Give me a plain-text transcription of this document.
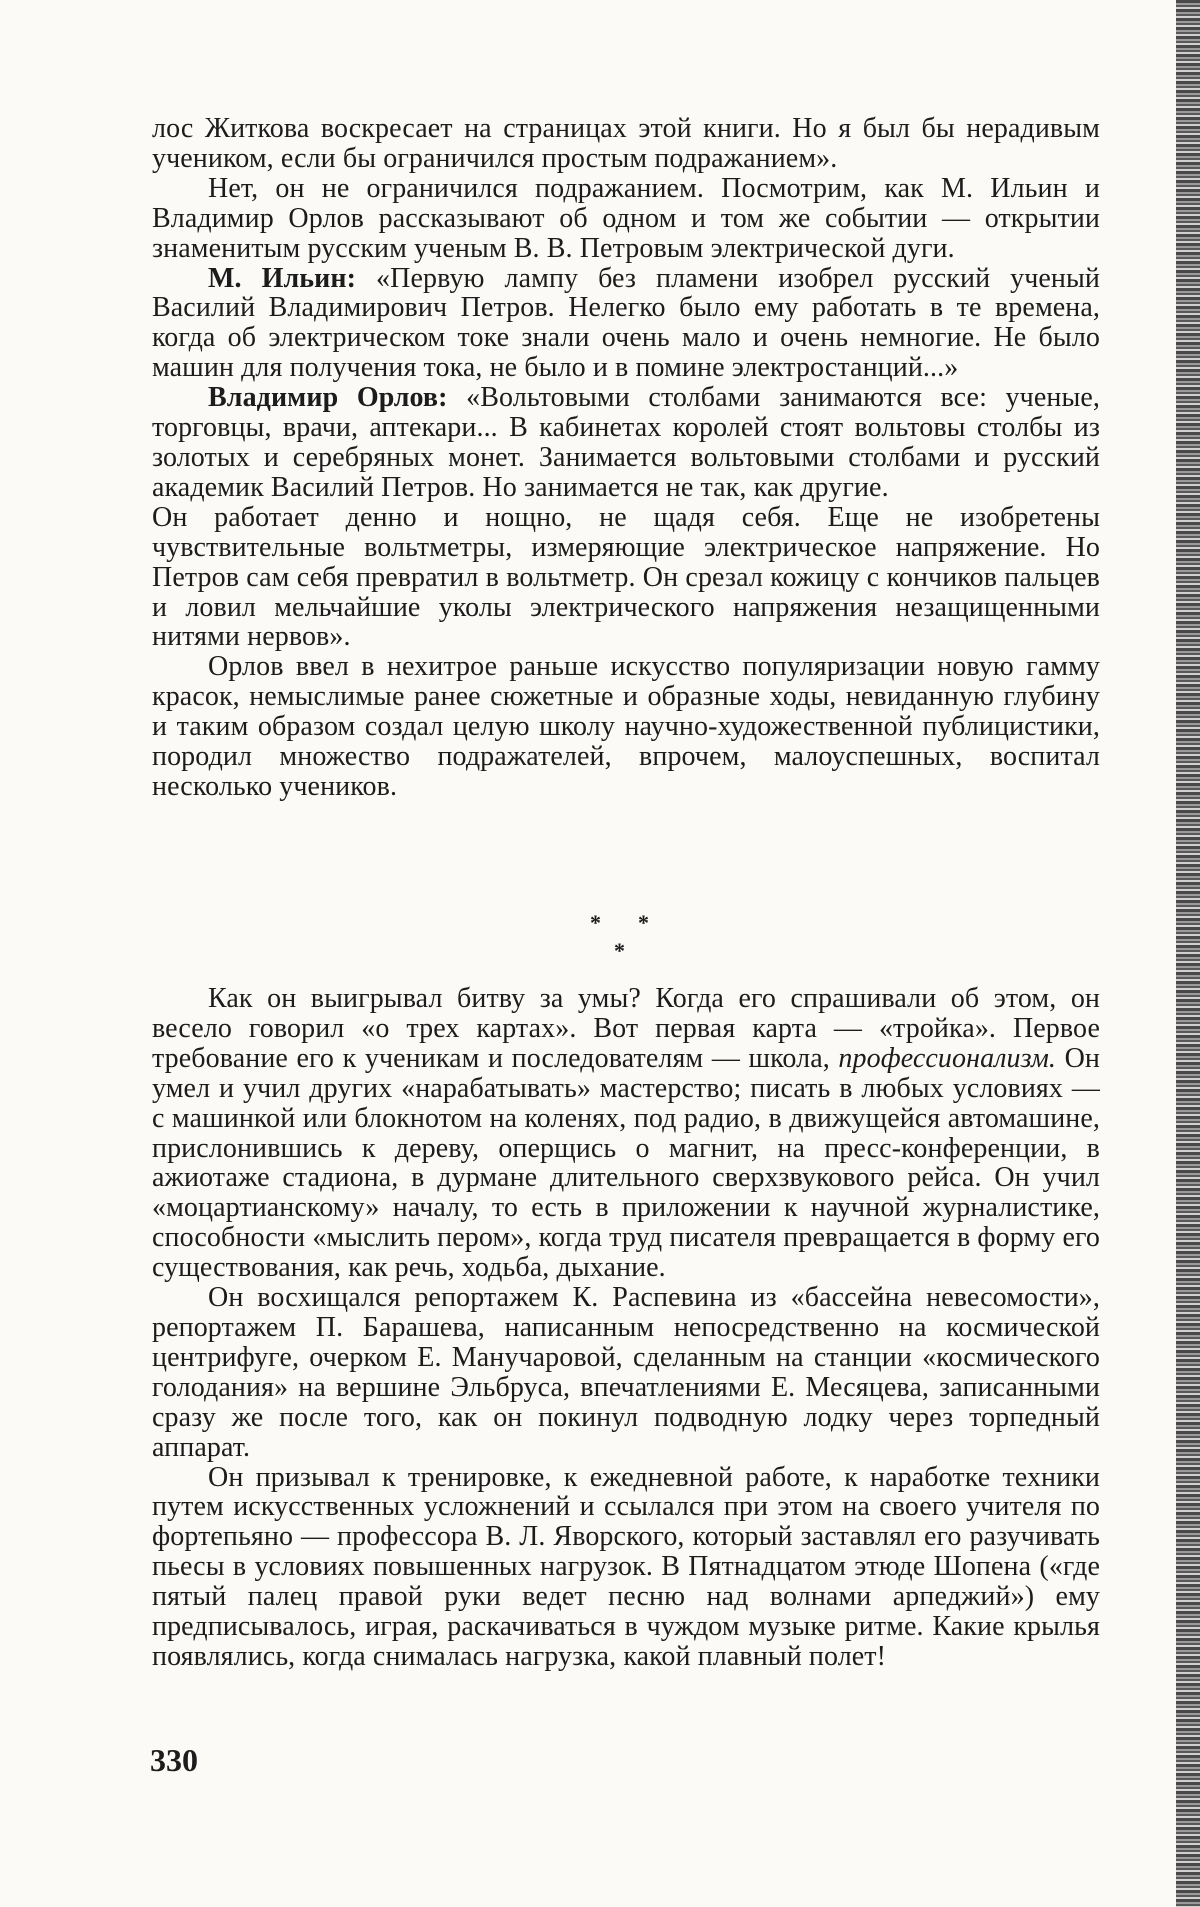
лос Житкова воскресает на страницах этой книги. Но я был бы нерадивым учеником, если бы ограничился простым подражанием».

Нет, он не ограничился подражанием. Посмотрим, как М. Ильин и Владимир Орлов рассказывают об одном и том же событии — открытии знаменитым русским ученым В. В. Петровым электрической дуги.

М. Ильин: «Первую лампу без пламени изобрел русский ученый Василий Владимирович Петров. Нелегко было ему работать в те времена, когда об электрическом токе знали очень мало и очень немногие. Не было машин для получения тока, не было и в помине электростанций...»

Владимир Орлов: «Вольтовыми столбами занимаются все: ученые, торговцы, врачи, аптекари... В кабинетах королей стоят вольтовы столбы из золотых и серебряных монет. Занимается вольтовыми столбами и русский академик Василий Петров. Но занимается не так, как другие.

Он работает денно и нощно, не щадя себя. Еще не изобретены чувствительные вольтметры, измеряющие электрическое напряжение. Но Петров сам себя превратил в вольтметр. Он срезал кожицу с кончиков пальцев и ловил мельчайшие уколы электрического напряжения незащищенными нитями нервов».

Орлов ввел в нехитрое раньше искусство популяризации новую гамму красок, немыслимые ранее сюжетные и образные ходы, невиданную глубину и таким образом создал целую школу научно-художественной публицистики, породил множество подражателей, впрочем, малоуспешных, воспитал несколько учеников.

* *
*

Как он выигрывал битву за умы? Когда его спрашивали об этом, он весело говорил «о трех картах». Вот первая карта — «тройка». Первое требование его к ученикам и последователям — школа, профессионализм. Он умел и учил других «нарабатывать» мастерство; писать в любых условиях — с машинкой или блокнотом на коленях, под радио, в движущейся автомашине, прислонившись к дереву, оперщись о магнит, на пресс-конференции, в ажиотаже стадиона, в дурмане длительного сверхзвукового рейса. Он учил «моцартианскому» началу, то есть в приложении к научной журналистике, способности «мыслить пером», когда труд писателя превращается в форму его существования, как речь, ходьба, дыхание.

Он восхищался репортажем К. Распевина из «бассейна невесомости», репортажем П. Барашева, написанным непосредственно на космической центрифуге, очерком Е. Манучаровой, сделанным на станции «космического голодания» на вершине Эльбруса, впечатлениями Е. Месяцева, записанными сразу же после того, как он покинул подводную лодку через торпедный аппарат.

Он призывал к тренировке, к ежедневной работе, к наработке техники путем искусственных усложнений и ссылался при этом на своего учителя по фортепьяно — профессора В. Л. Яворского, который заставлял его разучивать пьесы в условиях повышенных нагрузок. В Пятнадцатом этюде Шопена («где пятый палец правой руки ведет песню над волнами арпеджий») ему предписывалось, играя, раскачиваться в чуждом музыке ритме. Какие крылья появлялись, когда снималась нагрузка, какой плавный полет!

330
